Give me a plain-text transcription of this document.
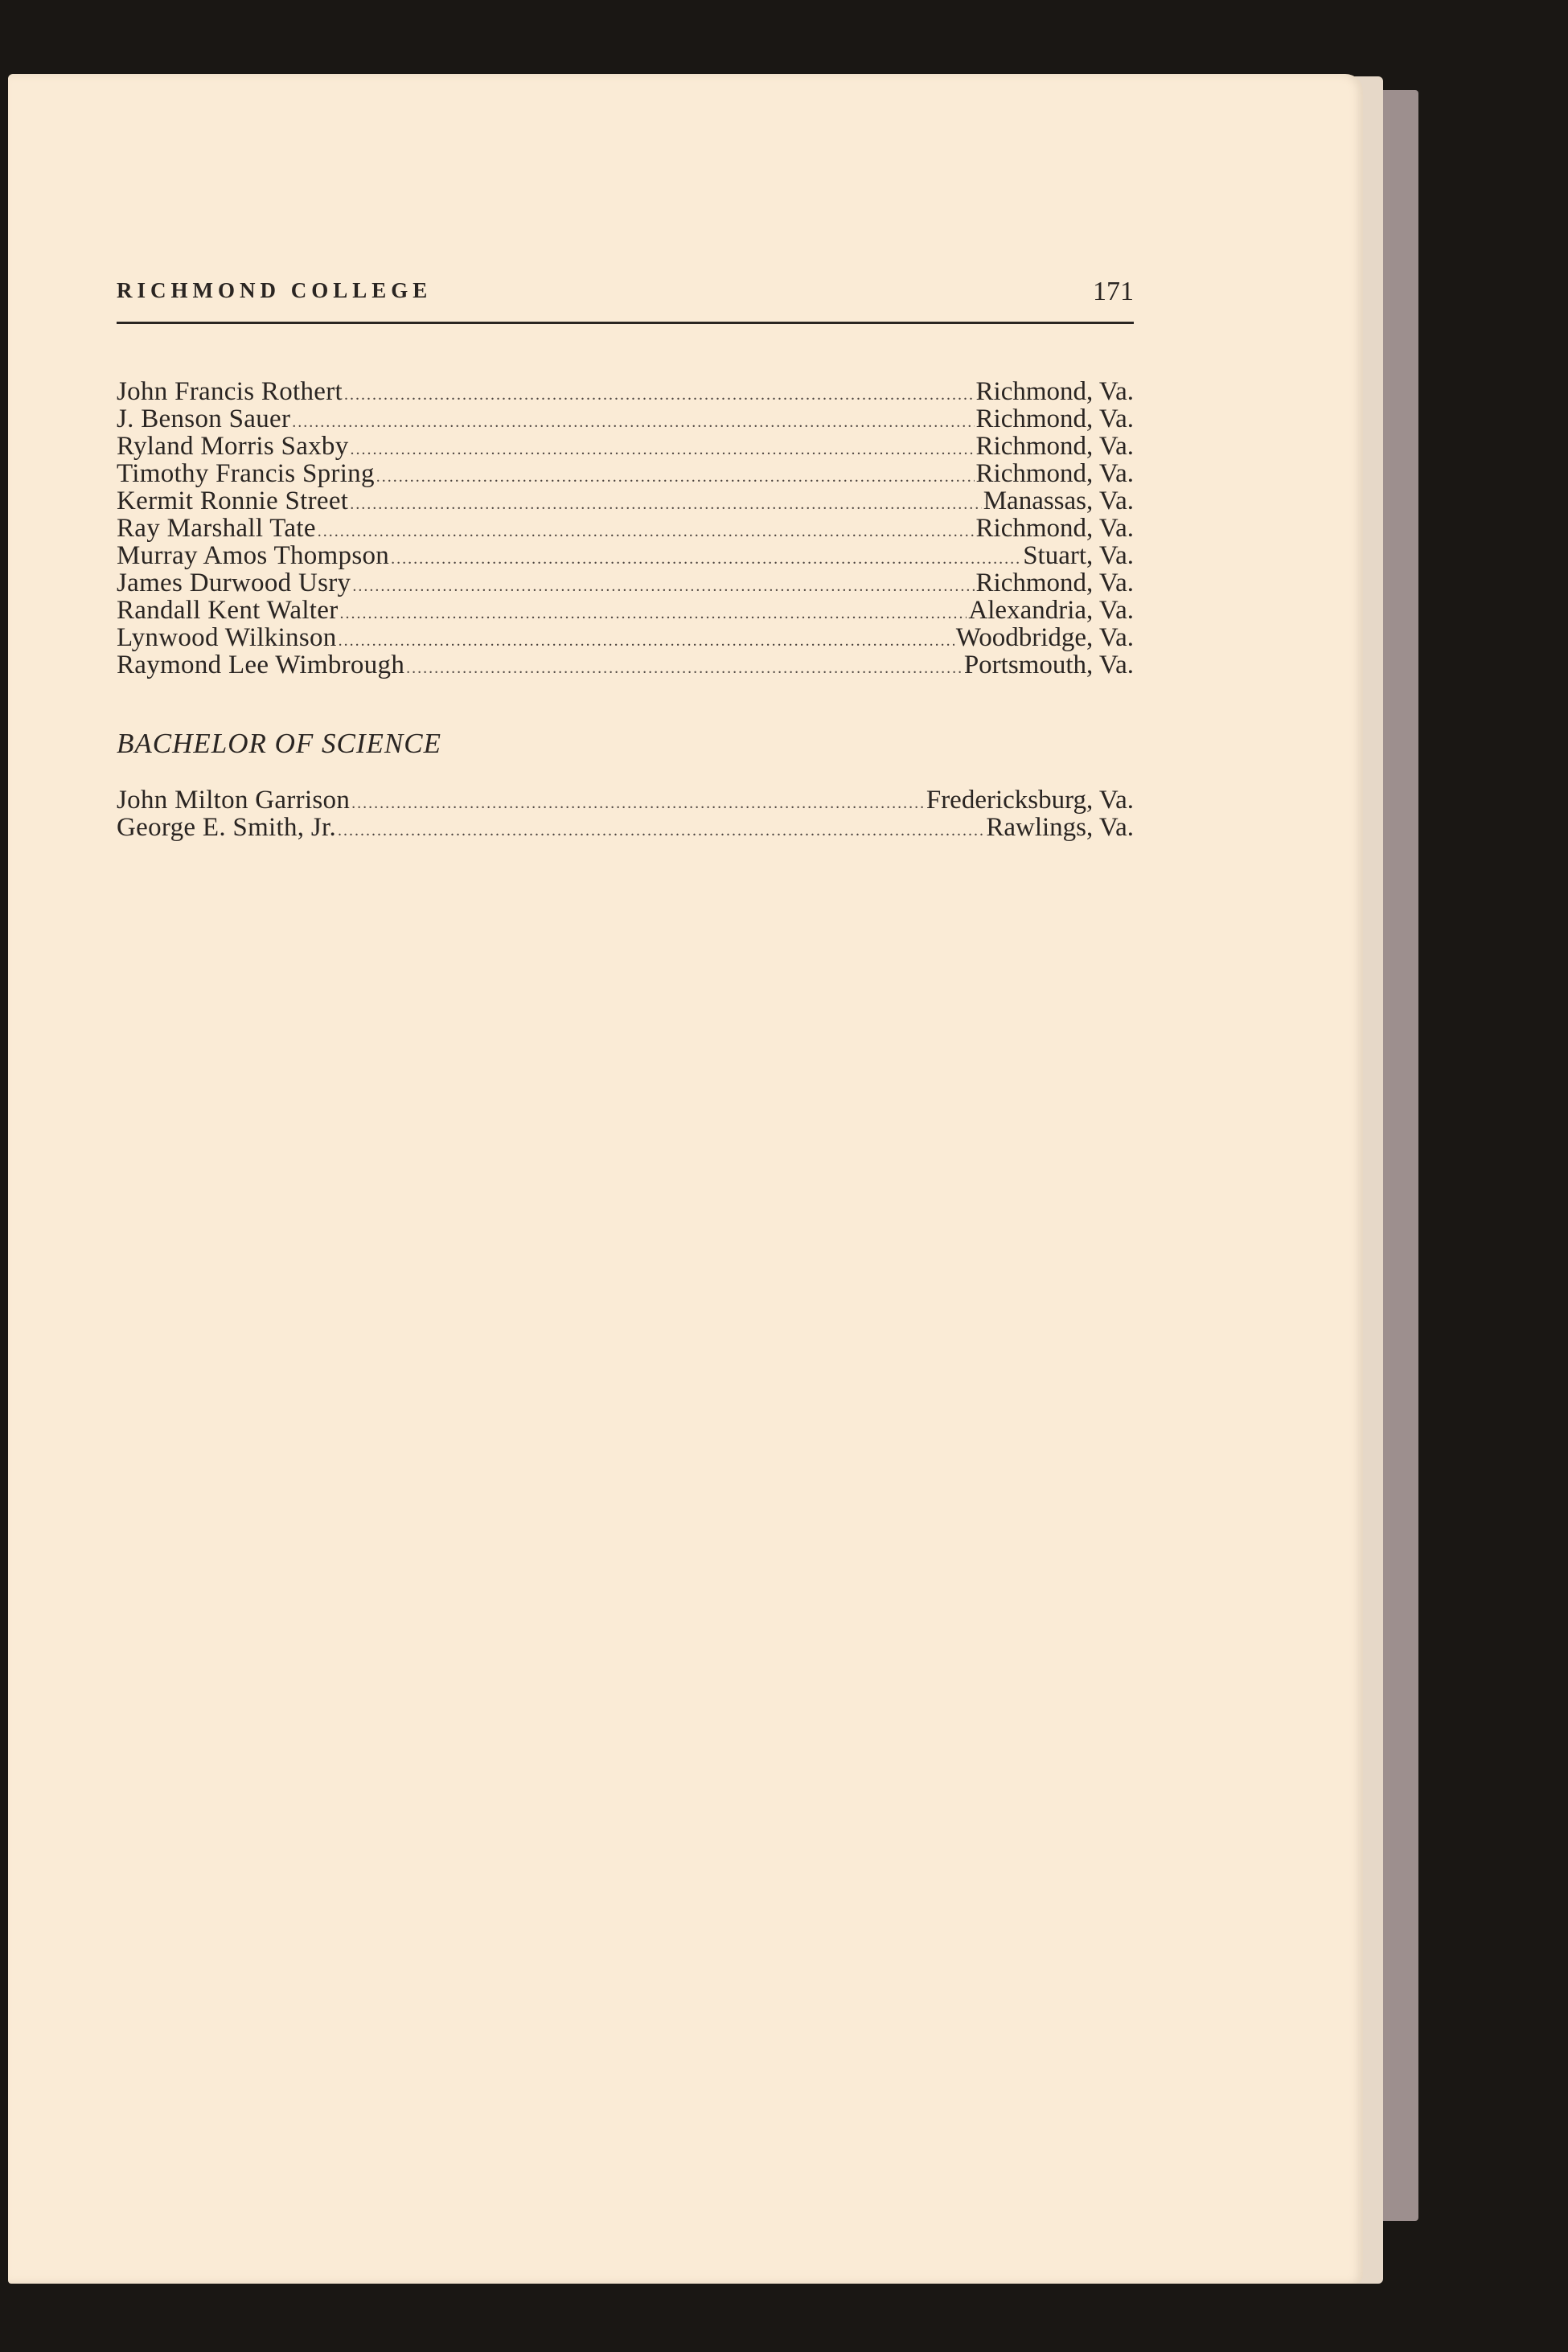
RICHMOND COLLEGE	171
John Francis Rothert .....	Richmond, Va.
J. Benson Sauer .....	Richmond, Va.
Ryland Morris Saxby .....	Richmond, Va.
Timothy Francis Spring .....	Richmond, Va.
Kermit Ronnie Street .....	Manassas, Va.
Ray Marshall Tate .....	Richmond, Va.
Murray Amos Thompson .....	Stuart, Va.
James Durwood Usry .....	Richmond, Va.
Randall Kent Walter .....	Alexandria, Va.
Lynwood Wilkinson .....	Woodbridge, Va.
Raymond Lee Wimbrough .....	Portsmouth, Va.
BACHELOR OF SCIENCE
John Milton Garrison .....	Fredericksburg, Va.
George E. Smith, Jr. .....	Rawlings, Va.
